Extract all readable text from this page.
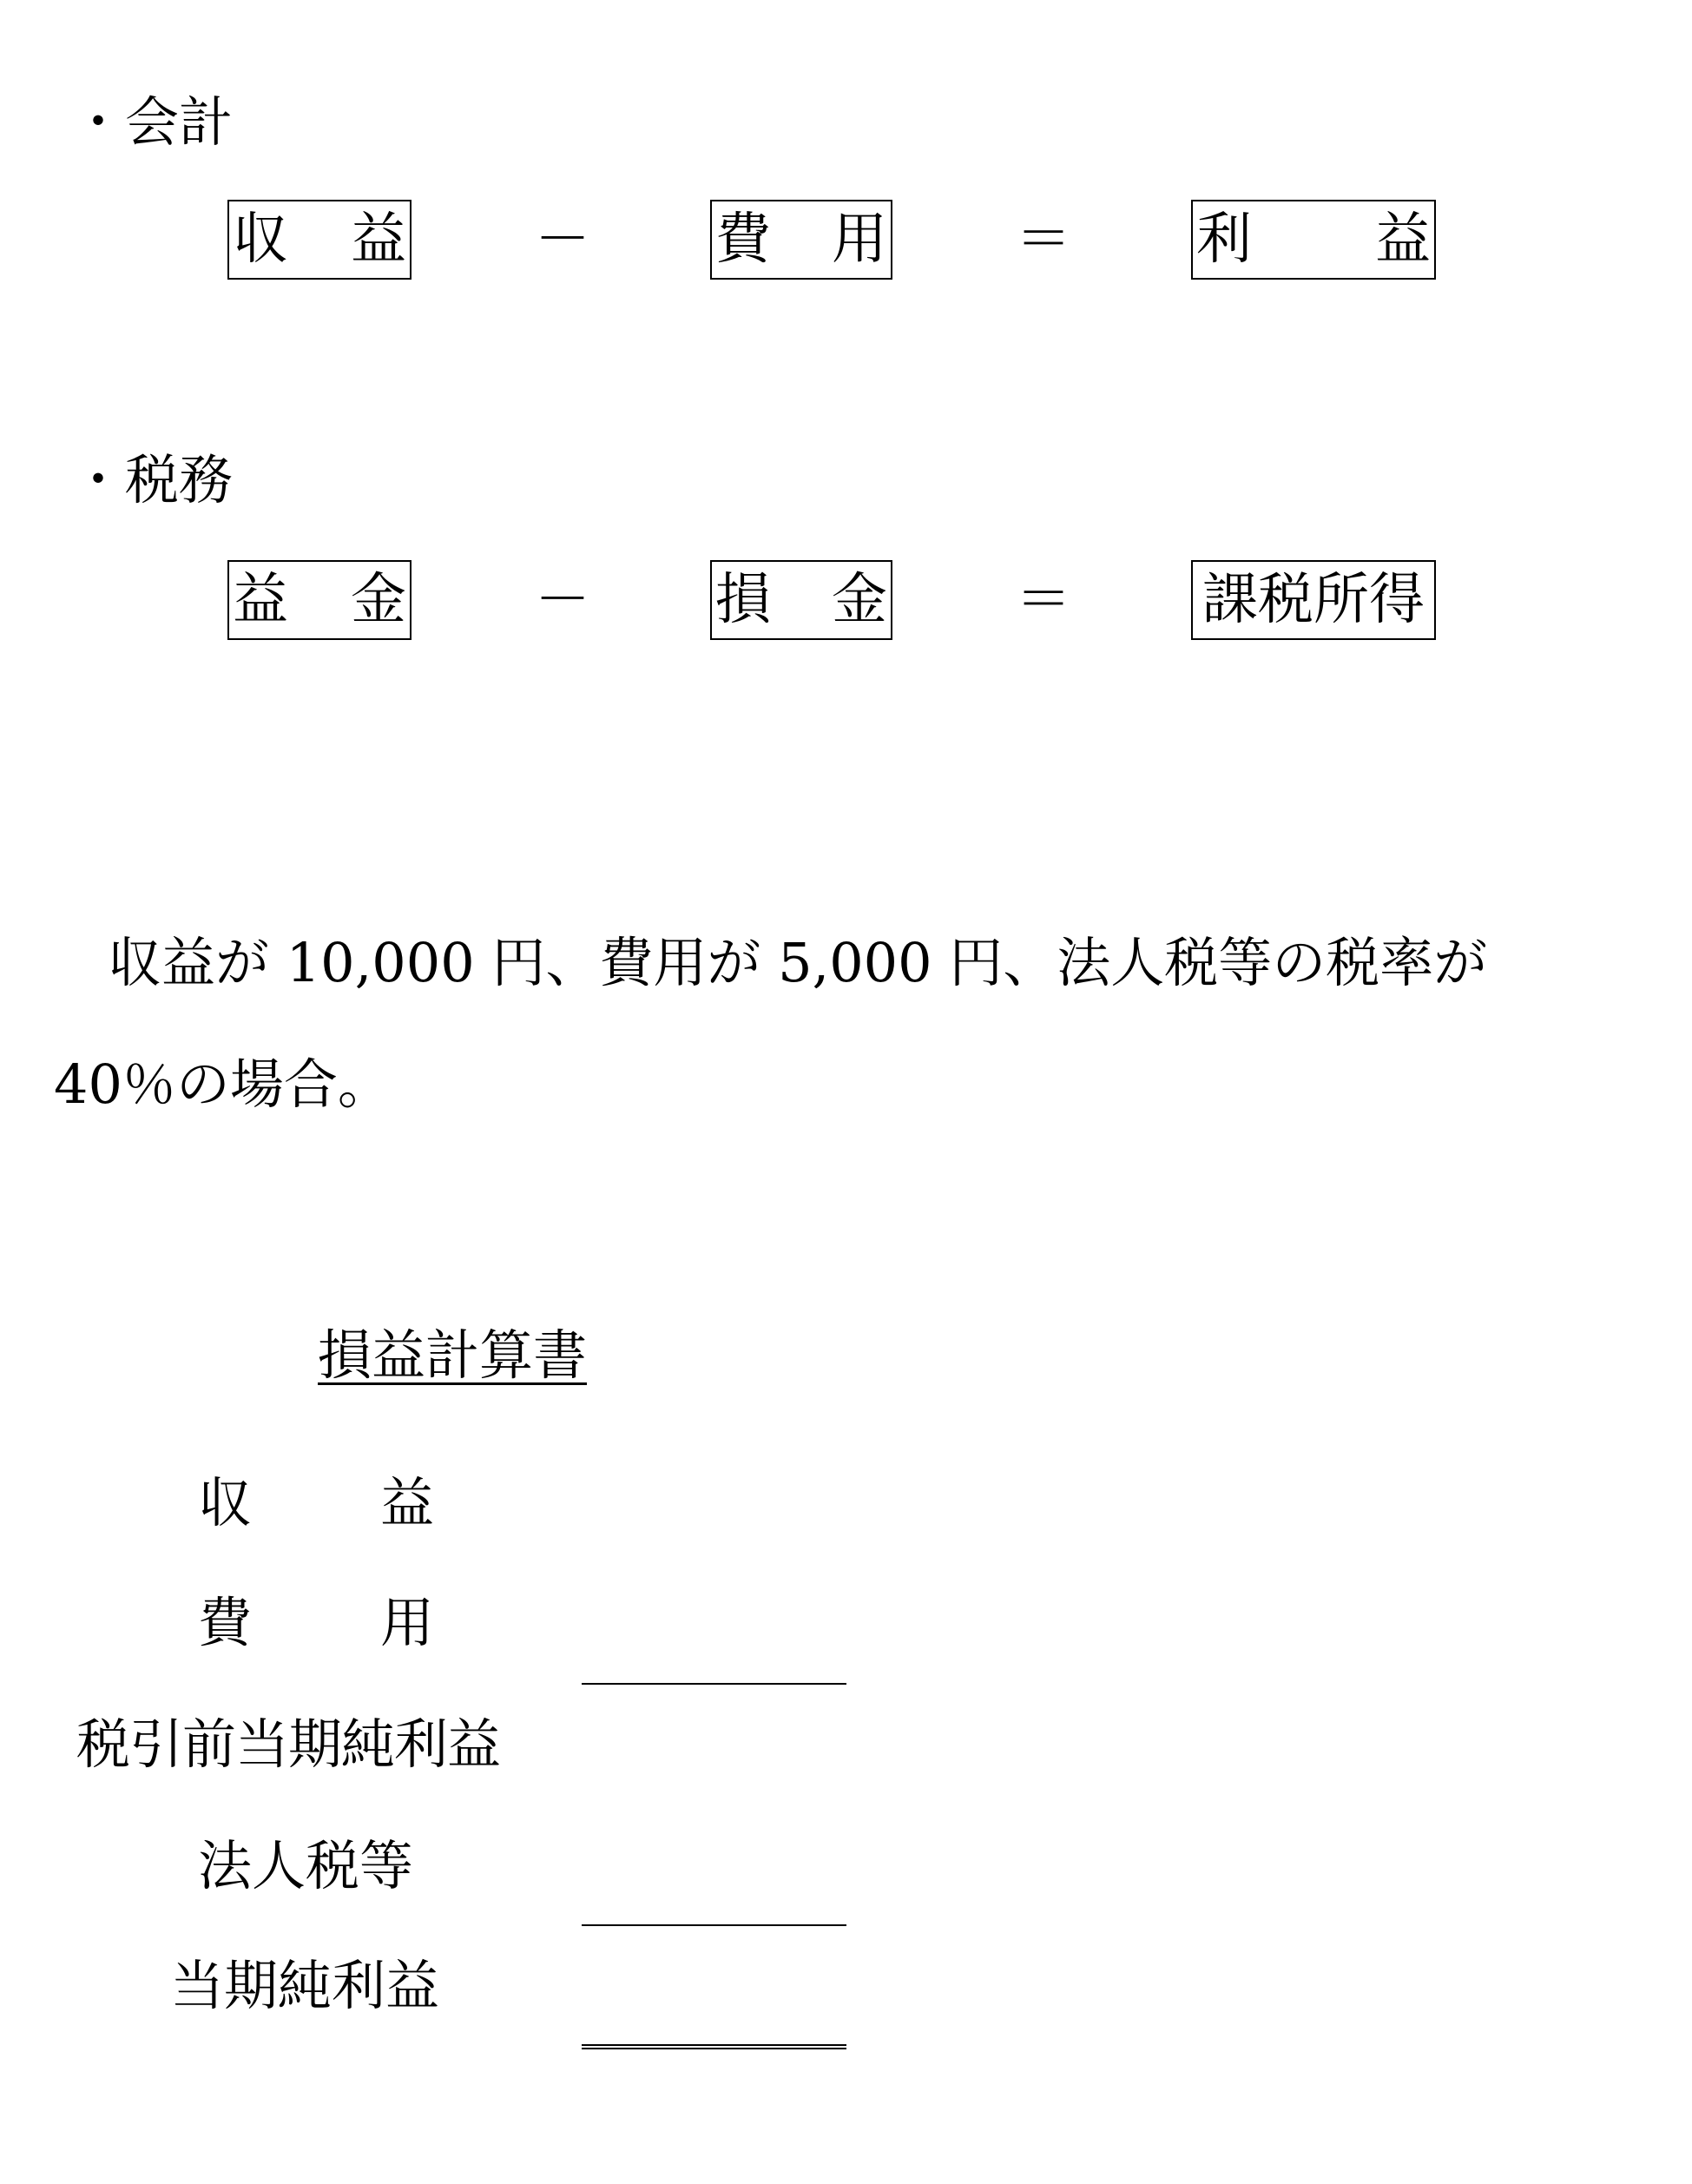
・会計
収 益 － 費 用 ＝ 利 益
・税務
益 金 － 損 金 ＝ 課税所得
　収益が 10,000 円、費用が 5,000 円、法人税等の税率が
40％の場合。
損益計算書
収 益
費 用
税引前当期純利益
法人税等
当期純利益
